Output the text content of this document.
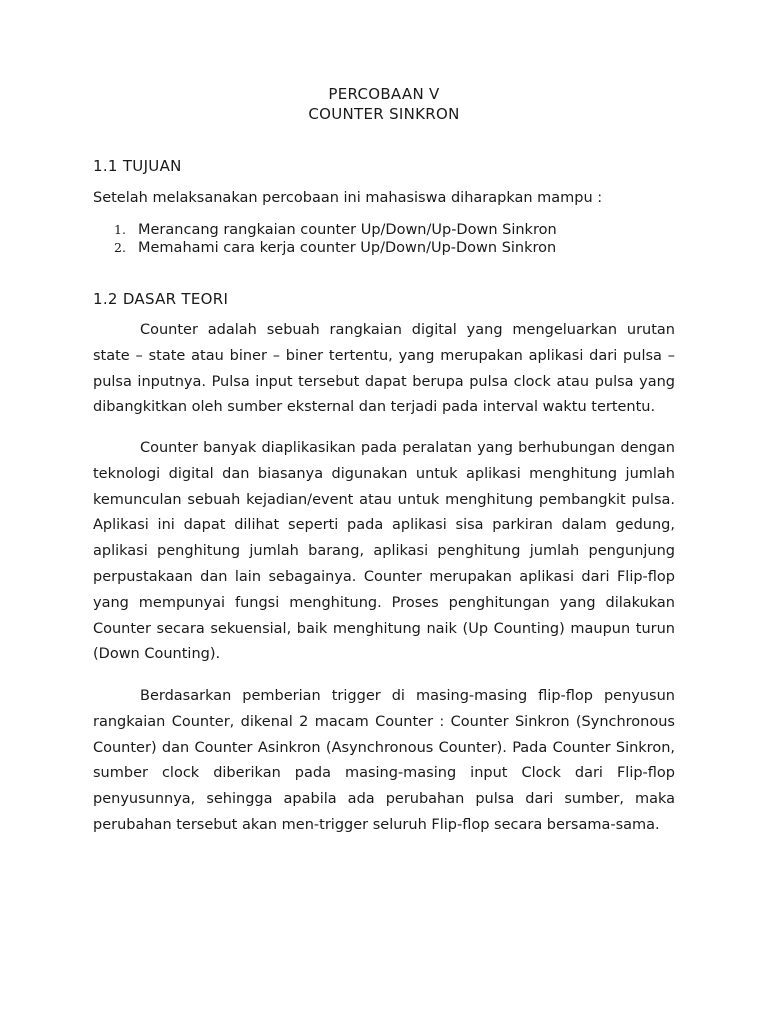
PERCOBAAN V
COUNTER SINKRON
1.1 TUJUAN
Setelah melaksanakan percobaan ini mahasiswa diharapkan mampu :
1. Merancang rangkaian counter Up/Down/Up-Down Sinkron
2. Memahami cara kerja counter Up/Down/Up-Down Sinkron
1.2 DASAR TEORI

Counter adalah sebuah rangkaian digital yang mengeluarkan urutan state – state atau biner – biner tertentu, yang merupakan aplikasi dari pulsa – pulsa inputnya. Pulsa input tersebut dapat berupa pulsa clock atau pulsa yang dibangkitkan oleh sumber eksternal dan terjadi pada interval waktu tertentu.

Counter banyak diaplikasikan pada peralatan yang berhubungan dengan teknologi digital dan biasanya digunakan untuk aplikasi menghitung jumlah kemunculan sebuah kejadian/event atau untuk menghitung pembangkit pulsa. Aplikasi ini dapat dilihat seperti pada aplikasi sisa parkiran dalam gedung, aplikasi penghitung jumlah barang, aplikasi penghitung jumlah pengunjung perpustakaan dan lain sebagainya. Counter merupakan aplikasi dari Flip-flop yang mempunyai fungsi menghitung. Proses penghitungan yang dilakukan Counter secara sekuensial, baik menghitung naik (Up Counting) maupun turun (Down Counting).

Berdasarkan pemberian trigger di masing-masing flip-flop penyusun rangkaian Counter, dikenal 2 macam Counter : Counter Sinkron (Synchronous Counter) dan Counter Asinkron (Asynchronous Counter). Pada Counter Sinkron, sumber clock diberikan pada masing-masing input Clock dari Flip-flop penyusunnya, sehingga apabila ada perubahan pulsa dari sumber, maka perubahan tersebut akan men-trigger seluruh Flip-flop secara bersama-sama.
